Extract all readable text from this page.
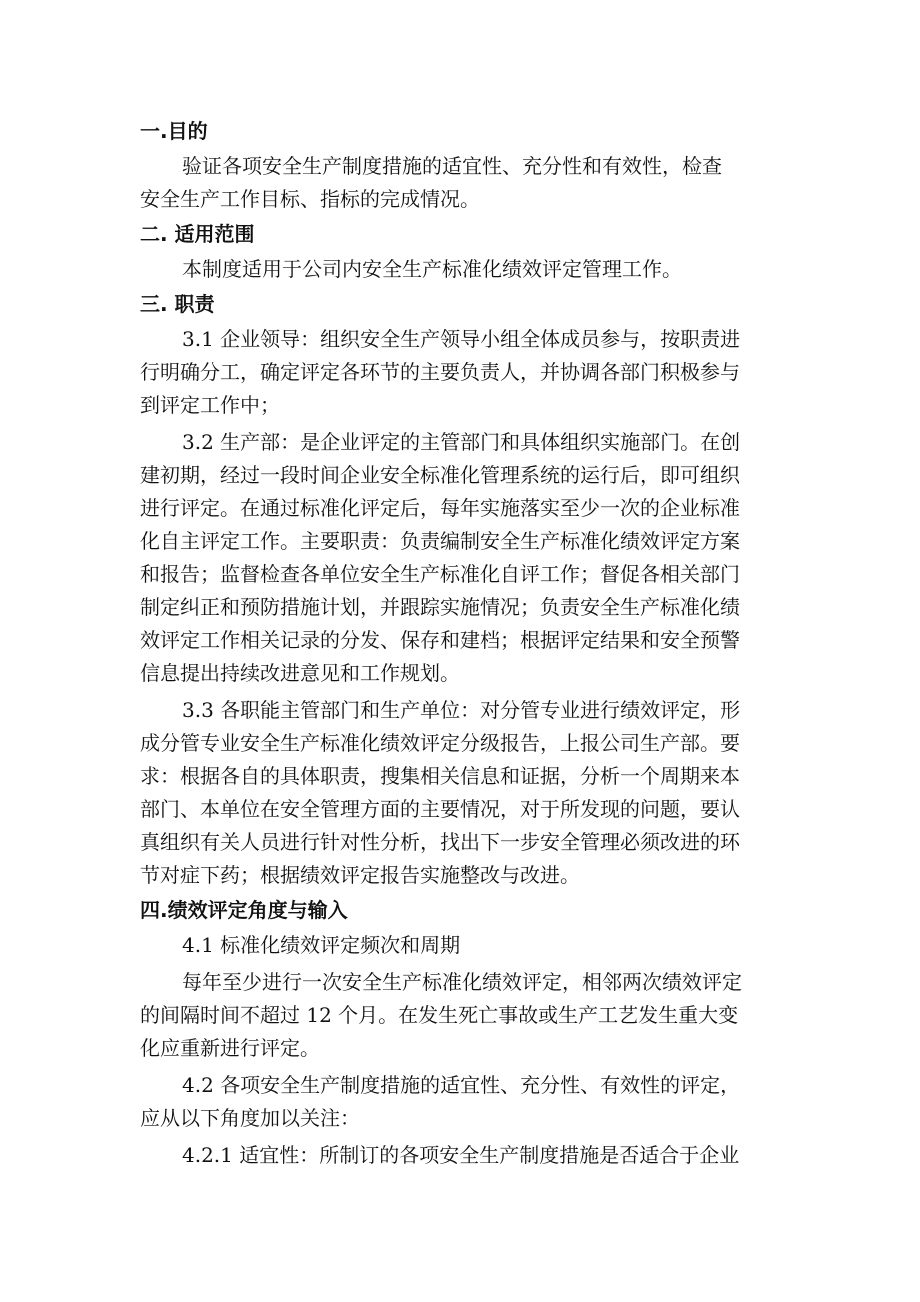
一.目的
验证各项安全生产制度措施的适宜性、充分性和有效性，检查
安全生产工作目标、指标的完成情况。
二. 适用范围
本制度适用于公司内安全生产标准化绩效评定管理工作。
三. 职责
3.1 企业领导：组织安全生产领导小组全体成员参与，按职责进
行明确分工，确定评定各环节的主要负责人，并协调各部门积极参与
到评定工作中；
3.2 生产部：是企业评定的主管部门和具体组织实施部门。在创
建初期，经过一段时间企业安全标准化管理系统的运行后，即可组织
进行评定。在通过标准化评定后，每年实施落实至少一次的企业标准
化自主评定工作。主要职责：负责编制安全生产标准化绩效评定方案
和报告；监督检查各单位安全生产标准化自评工作；督促各相关部门
制定纠正和预防措施计划，并跟踪实施情况；负责安全生产标准化绩
效评定工作相关记录的分发、保存和建档；根据评定结果和安全预警
信息提出持续改进意见和工作规划。
3.3 各职能主管部门和生产单位：对分管专业进行绩效评定，形
成分管专业安全生产标准化绩效评定分级报告，上报公司生产部。要
求：根据各自的具体职责，搜集相关信息和证据，分析一个周期来本
部门、本单位在安全管理方面的主要情况，对于所发现的问题，要认
真组织有关人员进行针对性分析，找出下一步安全管理必须改进的环
节对症下药；根据绩效评定报告实施整改与改进。
四.绩效评定角度与输入
4.1 标准化绩效评定频次和周期
每年至少进行一次安全生产标准化绩效评定，相邻两次绩效评定
的间隔时间不超过 12 个月。在发生死亡事故或生产工艺发生重大变
化应重新进行评定。
4.2 各项安全生产制度措施的适宜性、充分性、有效性的评定，
应从以下角度加以关注：
4.2.1 适宜性：所制订的各项安全生产制度措施是否适合于企业
